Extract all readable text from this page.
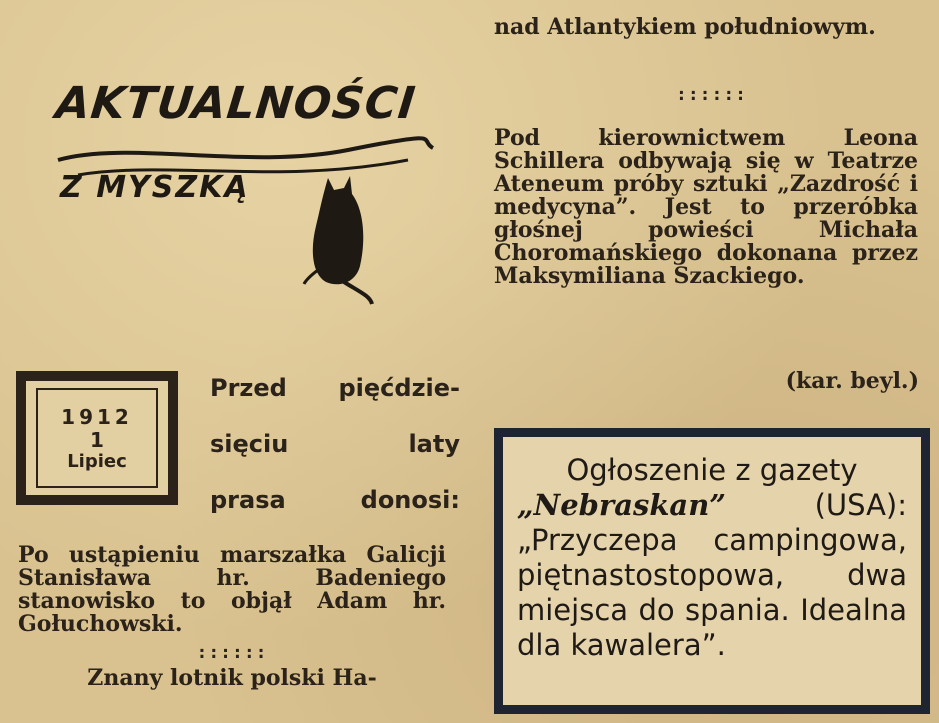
AKTUALNOŚCI
Z MYSZKĄ
1912
1
Lipiec
Przed pięćdzie-
sięciu laty
prasa donosi:
Po ustąpieniu marszałka Galicji Stanisława hr. Badeniego stanowisko to objął Adam hr. Gołuchowski.
::::::
Znany lotnik polski Ha-
nad Atlantykiem południowym.
::::::
Pod kierownictwem Leona Schillera odbywają się w Teatrze Ateneum próby sztuki „Zazdrość i medycyna”. Jest to przeróbka głośnej powieści Michała Choromańskiego dokonana przez Maksymiliana Szackiego.
(kar. beyl.)
Ogłoszenie z gazety
„Nebraskan”	(USA):
„Przyczepa campingowa, piętnastostopowa, dwa miejsca do spania. Idealna dla kawalera”.
